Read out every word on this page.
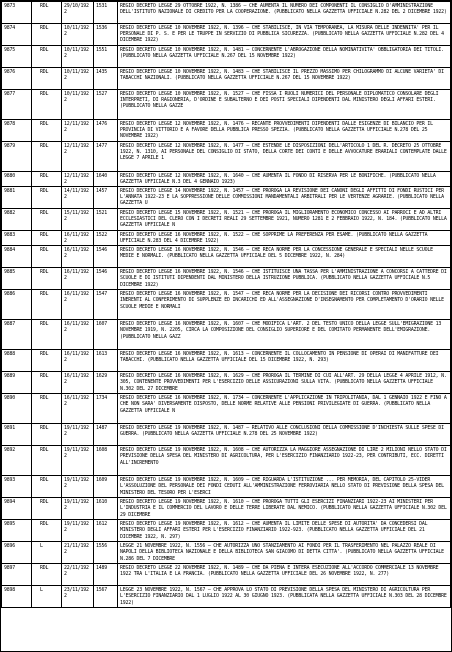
9873	RDL	29/10/1922	1531	REGIO DECRETO LEGGE 29 OTTOBRE 1922, N. 1386 – CHE AUMENTA IL NUMERO DEI COMPONENTI IL CONSIGLIO D'AMMINISTRAZIONE DELL'ISTITUTO NAZIONALE DI CREDITO PER LA COOPERAZIONE. (PUBBLICATO NELLA GAZZETTA UFFICIALE N.282 DEL 2 DICEMBRE 1922)
9874	RDL	10/11/1922	1536	REGIO DECRETO LEGGE 10 NOVEMBRE 1922, N. 1396 – CHE STABILISCE, IN VIA TEMPORANEA, LA MISURA DELLE INDENNITA' PER IL PERSONALE DI P. S. E PER LE TRUPPE IN SERVIZIO DI PUBBLICA SICUREZZA. (PUBBLICATO NELLA GAZZETTA UFFICIALE N.282 DEL 4 DICEMBRE 1922)
9875	RDL	10/11/1922	1551	REGIO DECRETO LEGGE 10 NOVEMBRE 1922, N. 1481 – CONCERNENTE L'ABROGAZIONE DELLA NOMINATIVITA' OBBLIGATORIA DEI TITOLI. (PUBBLICATO NELLA GAZZETTA UFFICIALE N.267 DEL 15 NOVEMBRE 1922)
9876	RDL	10/11/1922	1435	REGIO DECRETO LEGGE 10 NOVEMBRE 1922, N. 1483 – CHE STABILISCE IL PREZZO MASSIMO PER CHILOGRAMMO DI ALCUNE VARIETA' DI TABACCHI NAZIONALI. (PUBBLICATO NELLA GAZZETTA UFFICIALE N.267 DEL 15 NOVEMBRE 1922)
9877	RDL	10/11/1922	1527	REGIO DECRETO LEGGE 10 NOVEMBRE 1922, N. 1527 – CHE FISSA I RUOLI NUMERICI DEL PERSONALE DIPLOMATICO CONSOLARE DEGLI INTERPRETI, DI RAGIONERIA, D'ORDINE E SUBALTERNO E DEI POSTI SPECIALI DIPENDENTI DAL MINISTERO DEGLI AFFARI ESTERI. (PUBBLICATO NELLA GAZZE
9878	RDL	12/11/1922	1476	REGIO DECRETO LEGGE 12 NOVEMBRE 1922, N. 1476 – RECANTE PROVVEDIMENTI DIPENDENTI DALLE ESIGENZE DI BILANCIO PER IL PROVINCIA DI VITTORIO E A FAVORE DELLA PUBBLICA PRESSO SPEZIA. (PUBBLICATO NELLA GAZZETTA UFFICIALE N.278 DEL 25 NOVEMBRE 1922)
9879	RDL	12/11/1922	1477	REGIO DECRETO LEGGE 12 NOVEMBRE 1922, N. 1477 – CHE ESTENDE LE DISPOSIZIONI DELL'ARTICOLO 1 DEL R. DECRETO 25 OTTOBRE 1922, N. 1310, AI PERSONALE DEL CONSIGLIO DI STATO, DELLA CORTE DEI CONTI E DELLE AVVOCATURE ERARIALI CONTEMPLATE DALLE LEGGE 7 APRILE 1
9880	RDL	12/11/1922	1640	REGIO DECRETO LEGGE 12 NOVEMBRE 1922, N. 1640 – CHE AUMENTA IL FONDO DI RISERVA PER LE BONIFICHE. (PUBBLICATO NELLA GAZZETTA UFFICIALE N.3 DEL 4 GENNAIO 1923)
9881	RDL	14/11/1922	1457	REGIO DECRETO LEGGE 14 NOVEMBRE 1922, N. 1457 – CHE PROROGA LA REVISIONE DEI CANONI DEGLI AFFITTI DI FONDI RUSTICI PER L'ANNATA 1922-23 E LA SOPPRESSIONE DELLE COMMISSIONI MANDAMENTALI ARBITRALI PER LE VERTENZE AGRARIE. (PUBBLICATO NELLA GAZZETTA U
9882	RDL	15/11/1922	1521	REGIO DECRETO LEGGE 15 NOVEMBRE 1922, N. 1521 – CHE PROROGA IL MIGLIORAMENTO ECONOMICO CONCESSO AI PARROCI E AD ALTRI ECCLESIASTICI DEL CLERO CON I DECRETI REALI 29 SETTEMBRE 1921, NUMERO 1281 E 2 FEBBRAIO 1922, N. 184. (PUBBLICATO NELLA GAZZETTA UFFICIALE N
9883	RDL	16/11/1922	1522	REGIO DECRETO LEGGE 16 NOVEMBRE 1922, N. 1522 – CHE SOPPRIME LA PREFERENZA PER ESAME. (PUBBLICATO NELLA GAZZETTA UFFICIALE N.283 DEL 4 DICEMBRE 1922)
9884	RDL	16/11/1922	1546	REGIO DECRETO LEGGE 16 NOVEMBRE 1922, N. 1546 – CHE RECA NORME PER LA CONCESSIONE GENERALE E SPECIALI NELLE SCUOLE MEDIE E NORMALI. (PUBBLICATO NELLA GAZZETTA UFFICIALE DEL 5 DICEMBRE 1922, N. 284)
9885	RDL	16/11/1922	1546	REGIO DECRETO LEGGE 16 NOVEMBRE 1922, N. 1546 – CHE ISTITUISCE UNA TASSA PER L'AMMINISTRAZIONE A CONCORSI A CATTEDRE DI SCUOLE E DI ISTITUTI DIPENDENTI DAL MINISTERO DELLA ISTRUZIONE PUBBLICA. (PUBBLICATO NELLA GAZZETTA UFFICIALE N.5 DICEMBRE 1922)
9886	RDL	16/11/1922	1547	REGIO DECRETO LEGGE 16 NOVEMBRE 1922, N. 1547 – CHE RECA NORME PER LA DECISIONE DEI RICORSI CONTRO PROVVEDIMENTI INERENTI AL CONFERIMENTO DI SUPPLENZE ED INCARICHI ED ALL'ASSEGNAZIONE D'INSEGNAMENTO PER COMPLETAMENTO D'ORARIO NELLE SCUOLE MEDIE E NORMALI
9887	RDL	16/11/1922	1607	REGIO DECRETO LEGGE 16 NOVEMBRE 1922, N. 1607 – CHE MODIFICA L'ART. 2 DEL TESTO UNICO DELLA LEGGE SULL'EMIGRAZIONE 13 NOVEMBRE 1919, N. 2205, CIRCA LA COMPOSIZIONE DEL CONSIGLIO SUPERIORE E DEL COMITATO PERMANENTE DELL'EMIGRAZIONE. (PUBBLICATO NELLA GAZZ
9888	RDL	16/11/1922	1613	REGIO DECRETO LEGGE 16 NOVEMBRE 1922, N. 1613 – CONCERNENTE IL COLLOCAMENTO IN PENSIONE DI OPERAI DI MANIFATTURE DEI TABACCHI. (PUBBLICATO NELLA GAZZETTA UFFICIALE DEL 15 DICEMBRE 1922, N. 293)
9889	RDL	16/11/1922	1629	REGIO DECRETO LEGGE 16 NOVEMBRE 1922, N. 1629 – CHE PROROGA IL TERMINE DI CUI ALL'ART. 29 DELLA LEGGE 4 APRILE 1912, N. 305, CONTENENTE PROVVEDIMENTI PER L'ESERCIZIO DELLE ASSICURAZIONI SULLA VITA. (PUBBLICATO NELLA GAZZETTA UFFICIALE N.302 DEL 27 DICEMBRE
9890	RDL	16/11/1922	1734	REGIO DECRETO LEGGE 16 NOVEMBRE 1922, N. 1734 – CONCERNENTE L'APPLICAZIONE IN TRIPOLITANIA, DAL 1 GENNAIO 1922 E FINO A CHE NON SARA' DIVERSAMENTE DISPOSTO, DELLE NORME RELATIVE ALLE PENSIONI PRIVILEGIATE DI GUERRA. (PUBBLICATO NELLA GAZZETTA UFFICIALE N
9891	RDL	19/11/1922	1487	REGIO DECRETO LEGGE 19 NOVEMBRE 1922, N. 1487 – RELATIVO ALLE CONCLUSIONI DELLA COMMISSIONE D'INCHIESTA SULLE SPESE DI GUERRA. (PUBBLICATO NELLA GAZZETTA UFFICIALE N.278 DEL 25 NOVEMBRE 1922)
9892	RDL	19/11/1922	1608	REGIO DECRETO LEGGE 19 NOVEMBRE 1922, N. 1608 – CHE AUTORIZZA LA MAGGIORE ASSEGNAZIONE DI LIRE 2 MILIONI NELLO STATO DI PREVISIONE DELLA SPESA DEL MINISTERO DI AGRICOLTURA, PER L'ESERCIZIO FINANZIARIO 1922-23, PER CONTRIBUTI, ECC. DIRETTI ALL'INCREMENTO
9893	RDL	19/11/1922	1609	REGIO DECRETO LEGGE 19 NOVEMBRE 1922, N. 1609 – CHE RIGUARDA L'ISTITUZIONE ... PER MEMORIA, DEL CAPITOLO 25-VIDER L'ASSOLUZIONE DEL PERSONALE DEI FONDI CEDUTI ALL'AMMINISTRAZIONE FERROVIARIA NELLO STATO DI PREVISIONE DELLA SPESA DEL MINISTERO DEL TESORO PER L'ESERCI
9894	RDL	19/11/1922	1610	REGIO DECRETO LEGGE 19 NOVEMBRE 1922, N. 1610 – CHE PROROGA TUTTI GLI ESERCIZI FINANZIARI 1922-23 AI MINISTERI PER L'INDUSTRIA E IL COMMERCIO DEL LAVORO E DELLE TERRE LIBERATE DAL NEMICO. (PUBBLICATO NELLA GAZZETTA UFFICIALE N.302 DEL 29 DICEMBRE
9895	RDL	19/11/1922	1612	REGIO DECRETO LEGGE 19 NOVEMBRE 1922, N. 1612 – CHE AUMENTA IL LIMITE DELLE SPESE DI AUTORITA' DA CONCEDERSI DAL MINISTERO DEGLI AFFARI ESTERI PER L'ESERCIZIO FINANZIARIO 1922-923. (PUBBLICATO NELLA GAZZETTA UFFICIALE DEL 21 DICEMBRE 1922, N. 297)
9896	L	21/11/1922	1556	LEGGE 21 NOVEMBRE 1922, N. 1556 – CHE AUTORIZZA UNO STANZIAMENTO AI FONDI PER IL TRASFERIMENTO NEL PALAZZO REALE DI NAPOLI DELLA BIBLIOTECA NAZIONALE E DELLA BIBLIOTECA SAN GIACOMO DI DETTA CITTA'. (PUBBLICATO NELLA GAZZETTA UFFICIALE N.286 DEL 7 DICEMBRE
9897	RDL	22/11/1922	1489	REGIO DECRETO LEGGE 22 NOVEMBRE 1922, N. 1489 – CHE DA PIENA E INTERA ESECUZIONE ALL'ACCORDO COMMERCIALE 13 NOVEMBRE 1922 TRA L'ITALIA E LA FRANCIA. (PUBBLICATO NELLA GAZZETTA UFFICIALE DEL 26 NOVEMBRE 1922, N. 277)
9898	L	23/11/1922	1567	LEGGE 23 NOVEMBRE 1922, N. 1567 – CHE APPROVA LO STATO DI PREVISIONE DELLA SPESA DEL MINISTERO DI AGRICOLTURA PER L'ESERCIZIO FINANZIARIO DAL 1 LUGLIO 1922 AL 30 GIUGNO 1923. (PUBBLICATA NELLA GAZZETTA UFFICIALE N.303 DEL 28 DICEMBRE 1922)
